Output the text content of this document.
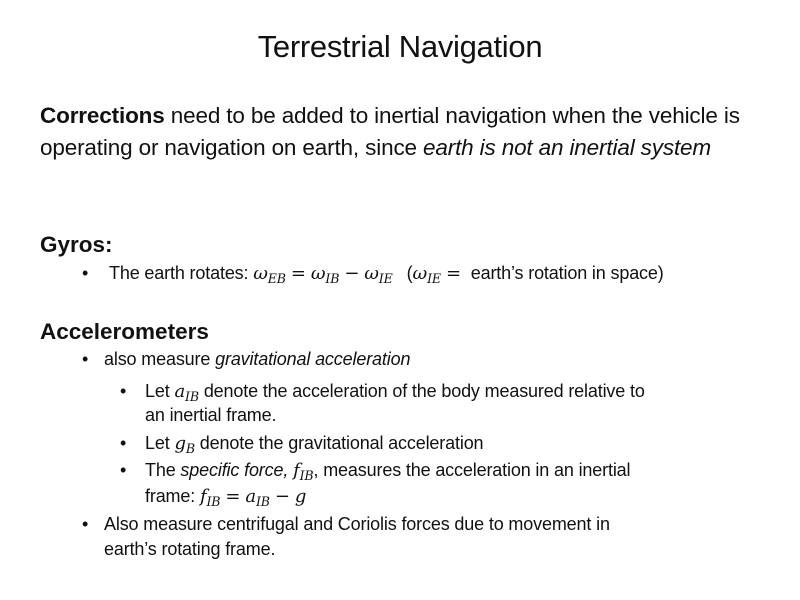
Terrestrial Navigation
Corrections need to be added to inertial navigation when the vehicle is operating or navigation on earth, since earth is not an inertial system
Gyros:
• The earth rotates: $\omega_{EB} = \omega_{IB} - \omega_{IE}$ ($\omega_{IE}$ = earth’s rotation in space)
Accelerometers
• also measure gravitational acceleration
• Let $a_{IB}$ denote the acceleration of the body measured relative to
an inertial frame.
• Let $g_B$ denote the gravitational acceleration
• The specific force, $f_{IB}$, measures the acceleration in an inertial
frame: $f_{IB} = a_{IB} - g$
• Also measure centrifugal and Coriolis forces due to movement in
earth’s rotating frame.
